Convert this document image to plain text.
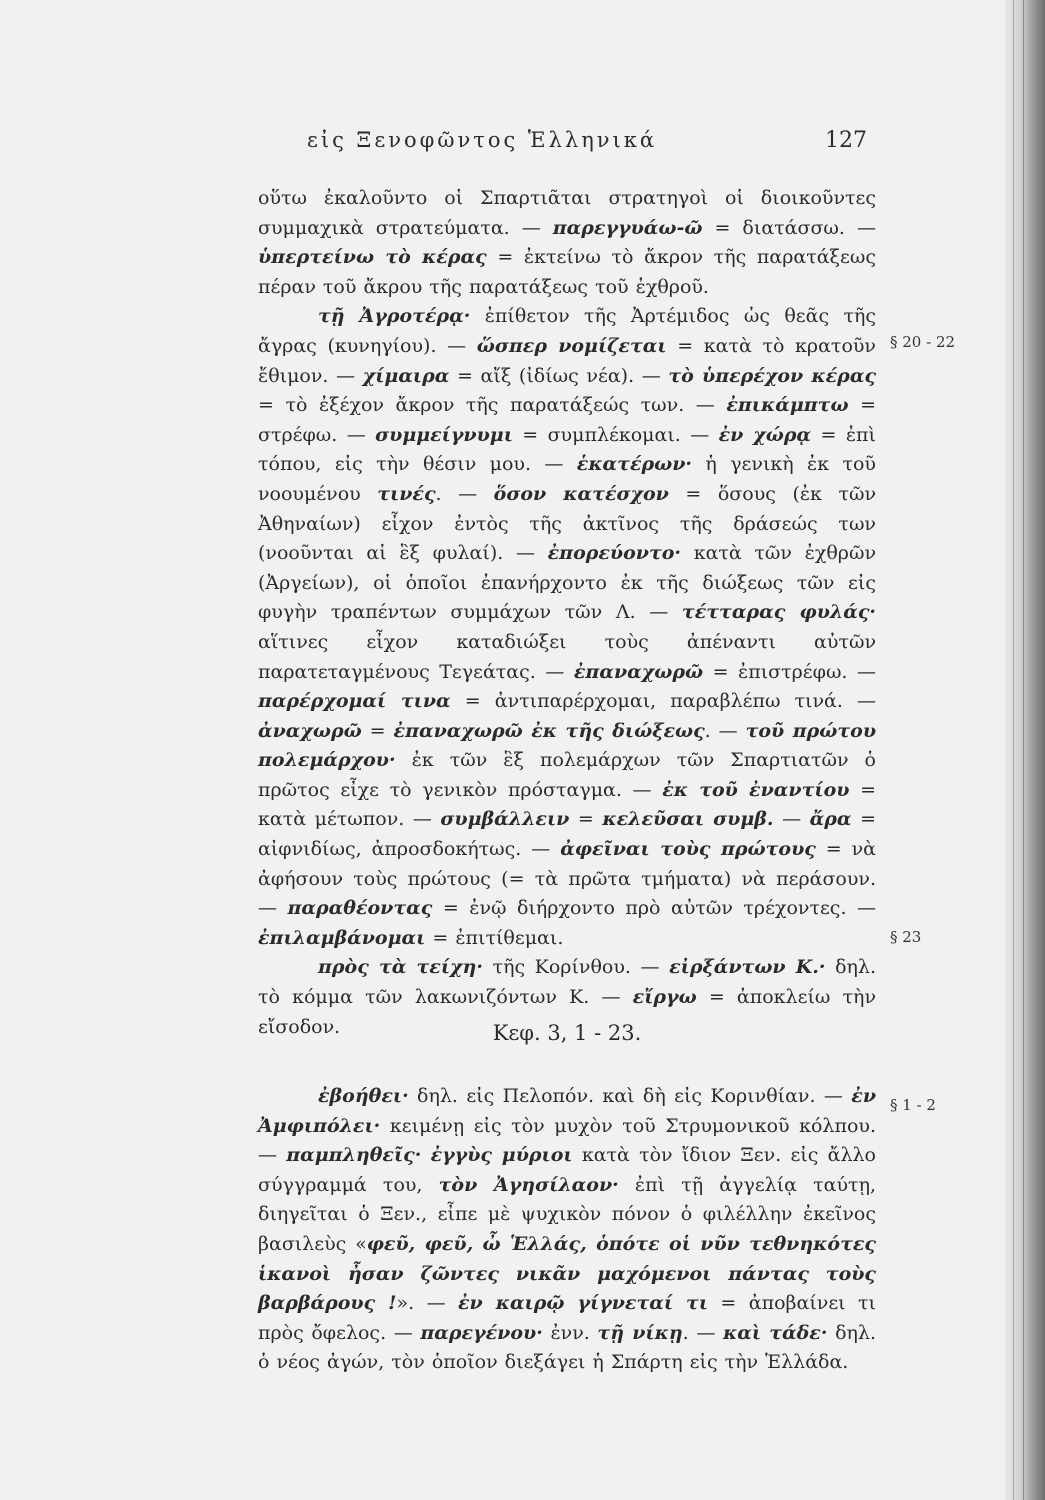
εἰς Ξενοφῶντος Ἑλληνικά	127

οὕτω ἐκαλοῦντο οἱ Σπαρτιᾶται στρατηγοὶ οἱ διοικοῦντες συμμαχικὰ στρατεύματα. — παρεγγυάω-ῶ = διατάσσω. — ὑπερτείνω τὸ κέρας = ἐκτείνω τὸ ἄκρον τῆς παρατάξεως πέραν τοῦ ἄκρου τῆς παρατάξεως τοῦ ἐχθροῦ.

τῇ Ἀγροτέρᾳ· ἐπίθετον τῆς Ἀρτέμιδος ὡς θεᾶς τῆς ἄγρας (κυνηγίου). — ὥσπερ νομίζεται = κατὰ τὸ κρατοῦν ἔθιμον. — χίμαιρα = αἴξ (ἰδίως νέα). — τὸ ὑπερέχον κέρας = τὸ ἐξέχον ἄκρον τῆς παρατάξεώς των. — ἐπικάμπτω = στρέφω. — συμμείγνυμι = συμπλέκομαι. — ἐν χώρᾳ = ἐπὶ τόπου, εἰς τὴν θέσιν μου. — ἑκατέρων· ἡ γενικὴ ἐκ τοῦ νοουμένου τινές. — ὅσον κατέσχον = ὅσους (ἐκ τῶν Ἀθηναίων) εἶχον ἐντὸς τῆς ἀκτῖνος τῆς δράσεώς των (νοοῦνται αἱ ἓξ φυλαί). — ἐπορεύοντο· κατὰ τῶν ἐχθρῶν (Ἀργείων), οἱ ὁποῖοι ἐπανήρχοντο ἐκ τῆς διώξεως τῶν εἰς φυγὴν τραπέντων συμμάχων τῶν Λ. — τέτταρας φυλάς· αἵτινες εἶχον καταδιώξει τοὺς ἀπέναντι αὐτῶν παρατεταγμένους Τεγεάτας. — ἐπαναχωρῶ = ἐπιστρέφω. — παρέρχομαί τινα = ἀντιπαρέρχομαι, παραβλέπω τινά. — ἀναχωρῶ = ἐπαναχωρῶ ἐκ τῆς διώξεως. — τοῦ πρώτου πολεμάρχου· ἐκ τῶν ἓξ πολεμάρχων τῶν Σπαρτιατῶν ὁ πρῶτος εἶχε τὸ γενικὸν πρόσταγμα. — ἐκ τοῦ ἐναντίου = κατὰ μέτωπον. — συμβάλλειν = κελεῦσαι συμβ. — ἄρα = αἰφνιδίως, ἀπροσδοκήτως. — ἀφεῖναι τοὺς πρώτους = νὰ ἀφήσουν τοὺς πρώτους (= τὰ πρῶτα τμήματα) νὰ περάσουν. — παραθέοντας = ἐνῷ διήρχοντο πρὸ αὐτῶν τρέχοντες. — ἐπιλαμβάνομαι = ἐπιτίθεμαι.

πρὸς τὰ τείχη· τῆς Κορίνθου. — εἰρξάντων Κ.· δηλ. τὸ κόμμα τῶν λακωνιζόντων Κ. — εἴργω = ἀποκλείω τὴν εἴσοδον.	Κεφ. 3, 1 - 23.

ἐβοήθει· δηλ. εἰς Πελοπόν. καὶ δὴ εἰς Κορινθίαν. — ἐν Ἀμφιπόλει· κειμένῃ εἰς τὸν μυχὸν τοῦ Στρυμονικοῦ κόλπου. — παμπληθεῖς· ἐγγὺς μύριοι κατὰ τὸν ἴδιον Ξεν. εἰς ἄλλο σύγγραμμά του, τὸν Ἀγησίλαον· ἐπὶ τῇ ἀγγελίᾳ ταύτῃ, διηγεῖται ὁ Ξεν., εἶπε μὲ ψυχικὸν πόνον ὁ φιλέλλην ἐκεῖνος βασιλεὺς «φεῦ, φεῦ, ὦ Ἑλλάς, ὁπότε οἱ νῦν τεθνηκότες ἱκανοὶ ἦσαν ζῶντες νικᾶν μαχόμενοι πάντας τοὺς βαρβάρους !». — ἐν καιρῷ γίγνεταί τι = ἀποβαίνει τι πρὸς ὄφελος. — παρεγένου· ἐνν. τῇ νίκῃ. — καὶ τάδε· δηλ. ὁ νέος ἀγών, τὸν ὁποῖον διεξάγει ἡ Σπάρτη εἰς τὴν Ἑλλάδα.

§ 20 - 22
§ 23
§ 1 - 2
